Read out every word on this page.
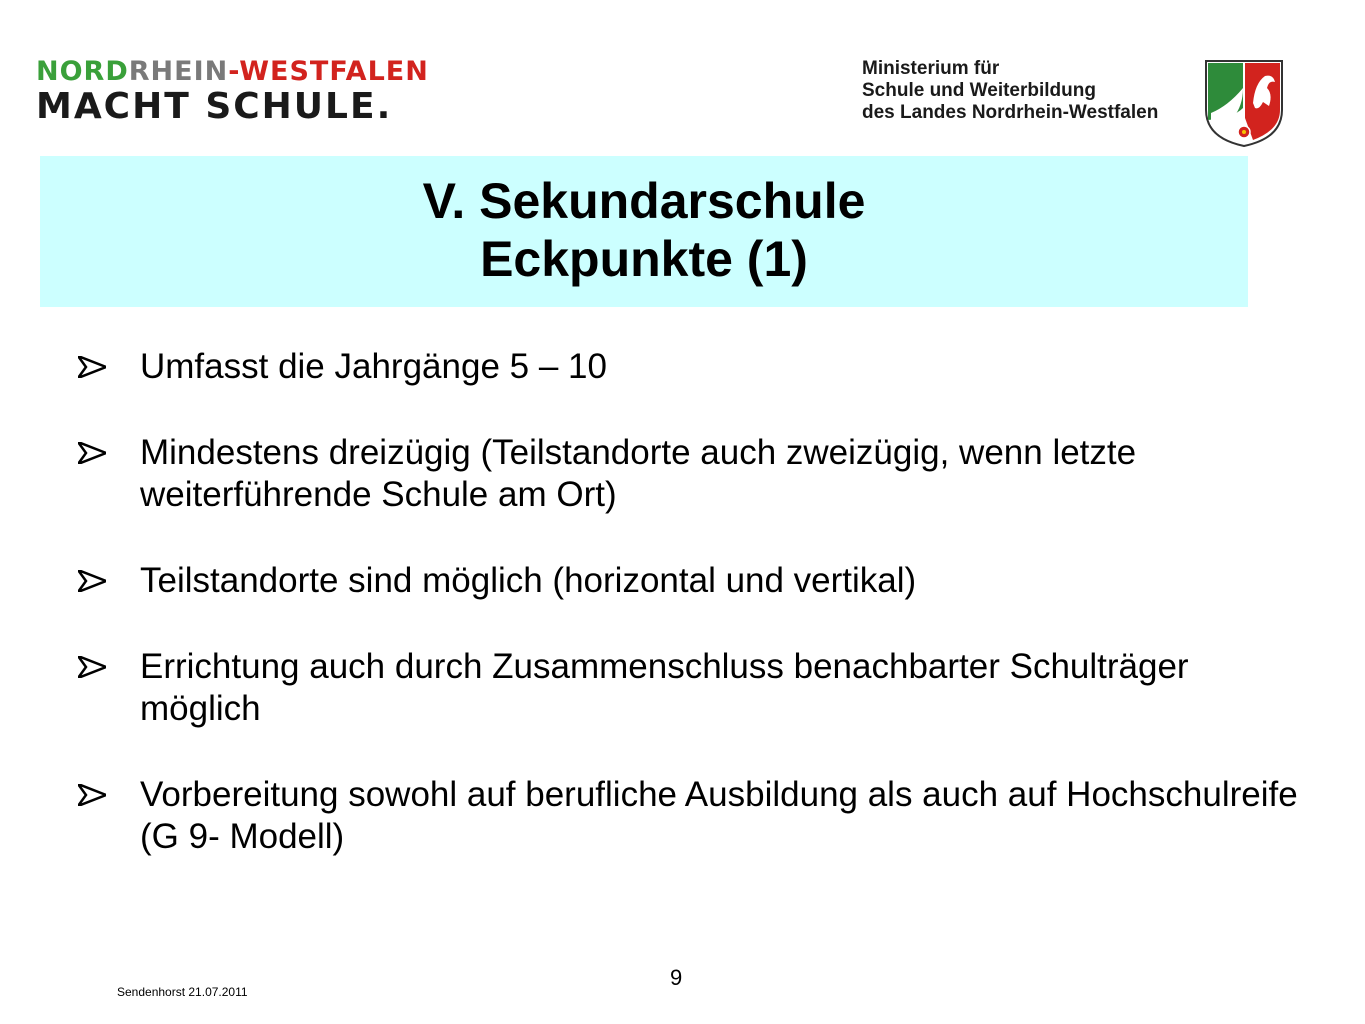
NORDRHEIN-WESTFALEN
MACHT SCHULE.
Ministerium für
Schule und Weiterbildung
des Landes Nordrhein-Westfalen
V. Sekundarschule
Eckpunkte (1)
Umfasst die Jahrgänge 5 – 10
Mindestens dreizügig (Teilstandorte auch zweizügig, wenn letzte weiterführende Schule am Ort)
Teilstandorte sind möglich (horizontal und vertikal)
Errichtung auch durch Zusammenschluss benachbarter Schulträger möglich
Vorbereitung sowohl auf berufliche Ausbildung als auch auf Hochschulreife (G 9- Modell)
9
Sendenhorst 21.07.2011
